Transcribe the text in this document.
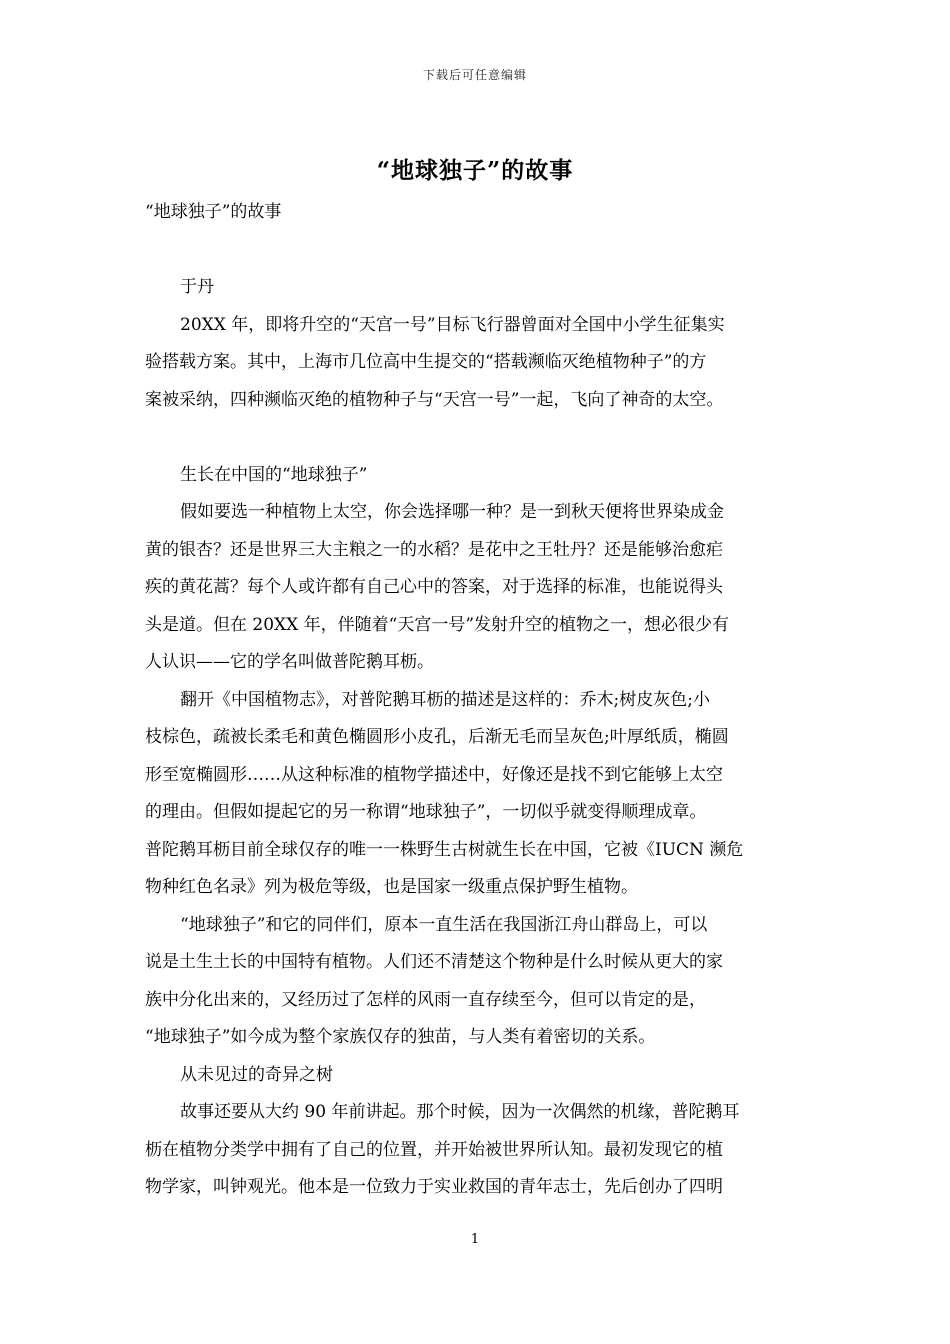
下载后可任意编辑
“地球独子”的故事
“地球独子”的故事
于丹
20XX 年，即将升空的“天宫一号”目标飞行器曾面对全国中小学生征集实
验搭载方案。其中，上海市几位高中生提交的“搭载濒临灭绝植物种子”的方
案被采纳，四种濒临灭绝的植物种子与“天宫一号”一起，飞向了神奇的太空。
生长在中国的“地球独子”
假如要选一种植物上太空，你会选择哪一种？是一到秋天便将世界染成金
黄的银杏？还是世界三大主粮之一的水稻？是花中之王牡丹？还是能够治愈疟
疾的黄花蒿？每个人或许都有自己心中的答案，对于选择的标准，也能说得头
头是道。但在 20XX 年，伴随着“天宫一号”发射升空的植物之一，想必很少有
人认识——它的学名叫做普陀鹅耳枥。
翻开《中国植物志》，对普陀鹅耳枥的描述是这样的：乔木;树皮灰色;小
枝棕色，疏被长柔毛和黄色椭圆形小皮孔，后渐无毛而呈灰色;叶厚纸质，椭圆
形至宽椭圆形……从这种标准的植物学描述中，好像还是找不到它能够上太空
的理由。但假如提起它的另一称谓“地球独子”，一切似乎就变得顺理成章。
普陀鹅耳枥目前全球仅存的唯一一株野生古树就生长在中国，它被《IUCN 濒危
物种红色名录》列为极危等级，也是国家一级重点保护野生植物。
“地球独子”和它的同伴们，原本一直生活在我国浙江舟山群岛上，可以
说是土生土长的中国特有植物。人们还不清楚这个物种是什么时候从更大的家
族中分化出来的，又经历过了怎样的风雨一直存续至今，但可以肯定的是，
“地球独子”如今成为整个家族仅存的独苗，与人类有着密切的关系。
从未见过的奇异之树
故事还要从大约 90 年前讲起。那个时候，因为一次偶然的机缘，普陀鹅耳
枥在植物分类学中拥有了自己的位置，并开始被世界所认知。最初发现它的植
物学家，叫钟观光。他本是一位致力于实业救国的青年志士，先后创办了四明
1
